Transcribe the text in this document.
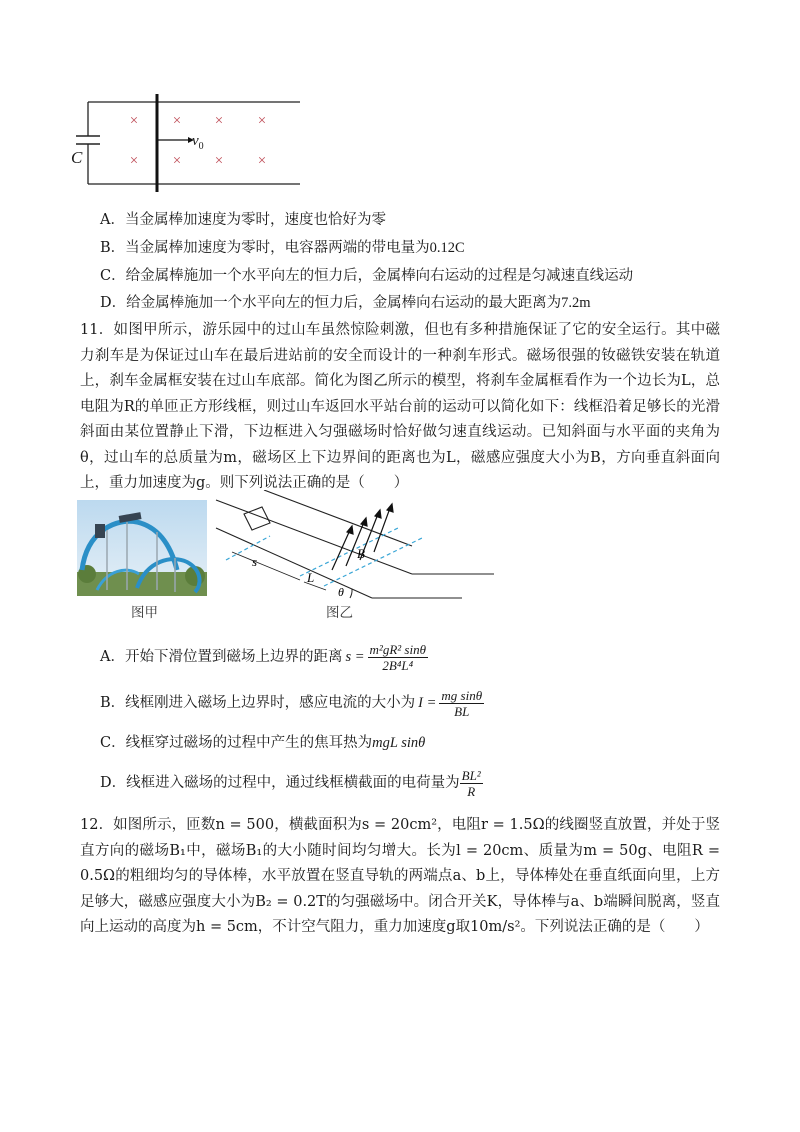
× × × ×
× × × ×
C
$v_0$
A．当金属棒加速度为零时，速度也恰好为零
B．当金属棒加速度为零时，电容器两端的带电量为0.12C
C．给金属棒施加一个水平向左的恒力后，金属棒向右运动的过程是匀减速直线运动
D．给金属棒施加一个水平向左的恒力后，金属棒向右运动的最大距离为7.2m
11．如图甲所示，游乐园中的过山车虽然惊险刺激，但也有多种措施保证了它的安全运行。其中磁力刹车是为保证过山车在最后进站前的安全而设计的一种刹车形式。磁场很强的钕磁铁安装在轨道上，刹车金属框安装在过山车底部。简化为图乙所示的模型，将刹车金属框看作为一个边长为L，总电阻为R的单匝正方形线框，则过山车返回水平站台前的运动可以简化如下：线框沿着足够长的光滑斜面由某位置静止下滑，下边框进入匀强磁场时恰好做匀速直线运动。已知斜面与水平面的夹角为θ，过山车的总质量为m，磁场区上下边界间的距离也为L，磁感应强度大小为B，方向垂直斜面向上，重力加速度为g。则下列说法正确的是（　　）
图甲
s
L
B
θ
图乙
A． 开始下滑位置到磁场上边界的距离 $s = \frac{\text{m²gR² sinθ}}{\text{2B⁴L⁴}}$
B． 线框刚进入磁场上边界时，感应电流的大小为 $I = \frac{\text{mg sinθ}}{BL}$
C．线框穿过磁场的过程中产生的焦耳热为mgL sinθ
D． 线框进入磁场的过程中，通过线框横截面的电荷量为 $\frac{\text{BL²}}{R}$
12．如图所示，匝数n = 500，横截面积为s = 20cm²，电阻r = 1.5Ω的线圈竖直放置，并处于竖直方向的磁场B₁中，磁场B₁的大小随时间均匀增大。长为l = 20cm、质量为m = 50g、电阻R = 0.5Ω的粗细均匀的导体棒，水平放置在竖直导轨的两端点a、b上，导体棒处在垂直纸面向里，上方足够大，磁感应强度大小为B₂ = 0.2T的匀强磁场中。闭合开关K，导体棒与a、b端瞬间脱离，竖直向上运动的高度为h = 5cm，不计空气阻力，重力加速度g取10m/s²。下列说法正确的是（　　）
